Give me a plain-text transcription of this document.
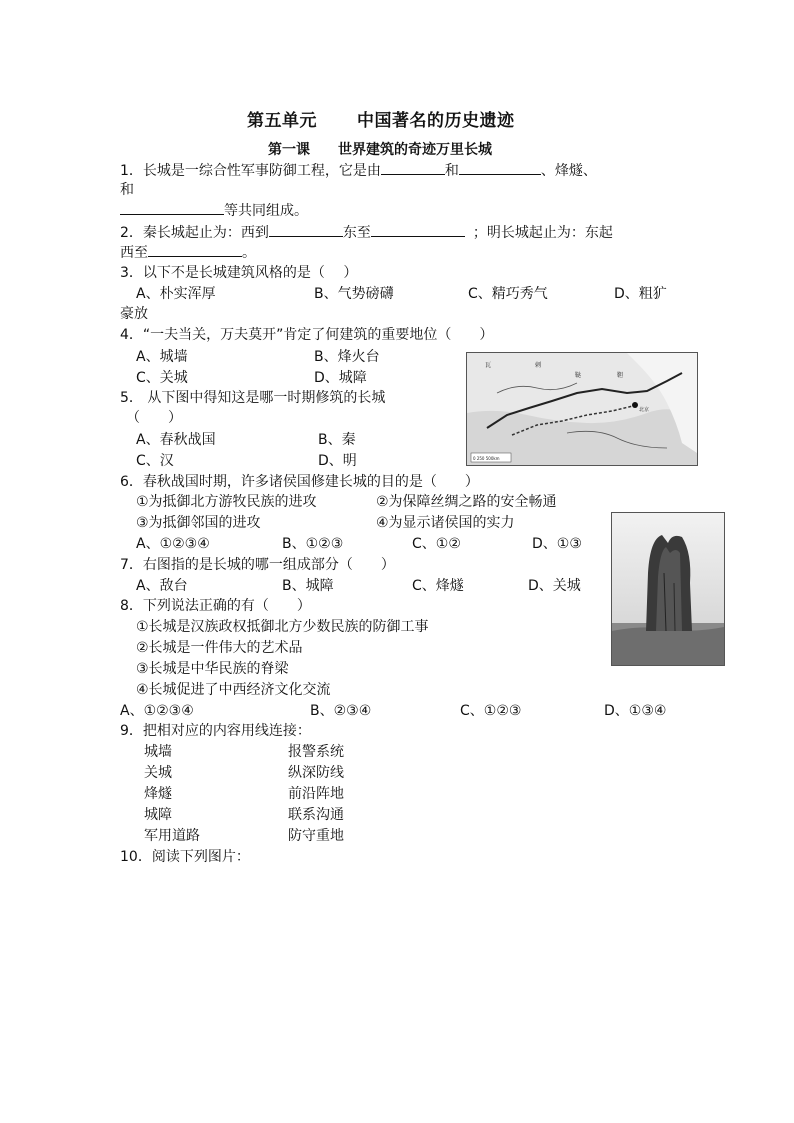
第五单元 中国著名的历史遗迹
第一课 世界建筑的奇迹万里长城
1．长城是一综合性军事防御工程，它是由	和	、烽燧、
和
等共同组成。
2．秦长城起止为：西到	东至	；明长城起止为：东起
西至	。
3．以下不是长城建筑风格的是（　 ）
A、朴实浑厚	B、气势磅礴	C、精巧秀气	D、粗犷
豪放
4．“一夫当关，万夫莫开”肯定了何建筑的重要地位（　　）
A、城墙	B、烽火台
C、关城	D、城障
5． 从下图中得知这是哪一时期修筑的长城
（　　）
A、春秋战国	B、秦
C、汉	D、明
瓦	刺
鞑	靼
北京
0 250 500km
6．春秋战国时期，许多诸侯国修建长城的目的是（　　）
①为抵御北方游牧民族的进攻	②为保障丝绸之路的安全畅通
③为抵御邻国的进攻	④为显示诸侯国的实力
A、①②③④	B、①②③	C、①②	D、①③
7．右图指的是长城的哪一组成部分（　　）
A、敌台	B、城障	C、烽燧	D、关城
8．下列说法正确的有（　　）
①长城是汉族政权抵御北方少数民族的防御工事
②长城是一件伟大的艺术品
③长城是中华民族的脊梁
④长城促进了中西经济文化交流
A、①②③④	B、②③④	C、①②③	D、①③④
9．把相对应的内容用线连接：
城墙	报警系统
关城	纵深防线
烽燧	前沿阵地
城障	联系沟通
军用道路	防守重地
10．阅读下列图片：
